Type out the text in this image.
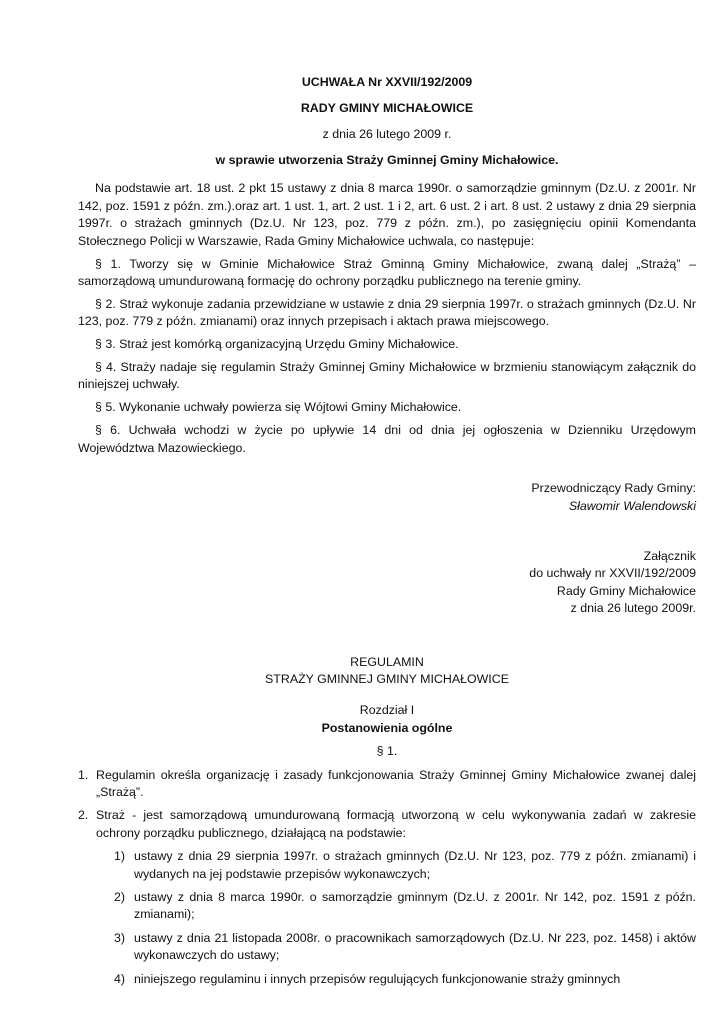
UCHWAŁA Nr XXVII/192/2009

RADY GMINY MICHAŁOWICE

z dnia 26 lutego 2009 r.

w sprawie utworzenia Straży Gminnej Gminy Michałowice.

Na podstawie art. 18 ust. 2 pkt 15 ustawy z dnia 8 marca 1990r. o samorządzie gminnym (Dz.U. z 2001r. Nr 142, poz. 1591 z późn. zm.).oraz art. 1 ust. 1, art. 2 ust. 1 i 2, art. 6 ust. 2 i art. 8 ust. 2 ustawy z dnia 29 sierpnia 1997r. o strażach gminnych (Dz.U. Nr 123, poz. 779 z późn. zm.), po zasięgnięciu opinii Komendanta Stołecznego Policji w Warszawie, Rada Gminy Michałowice uchwala, co następuje:

§ 1. Tworzy się w Gminie Michałowice Straż Gminną Gminy Michałowice, zwaną dalej „Strażą” – samorządową umundurowaną formację do ochrony porządku publicznego na terenie gminy.

§ 2. Straż wykonuje zadania przewidziane w ustawie z dnia 29 sierpnia 1997r. o strażach gminnych (Dz.U. Nr 123, poz. 779 z późn. zmianami) oraz innych przepisach i aktach prawa miejscowego.

§ 3. Straż jest komórką organizacyjną Urzędu Gminy Michałowice.

§ 4. Straży nadaje się regulamin Straży Gminnej Gminy Michałowice w brzmieniu stanowiącym załącznik do niniejszej uchwały.

§ 5. Wykonanie uchwały powierza się Wójtowi Gminy Michałowice.

§ 6. Uchwała wchodzi w życie po upływie 14 dni od dnia jej ogłoszenia w Dzienniku Urzędowym Województwa Mazowieckiego.

Przewodniczący Rady Gminy:

Sławomir Walendowski

Załącznik

do uchwały nr XXVII/192/2009

Rady Gminy Michałowice

z dnia 26 lutego 2009r.

REGULAMIN

STRAŻY GMINNEJ GMINY MICHAŁOWICE

Rozdział I

Postanowienia ogólne

§ 1.

1. Regulamin określa organizację i zasady funkcjonowania Straży Gminnej Gminy Michałowice zwanej dalej „Strażą”.
2. Straż - jest samorządową umundurowaną formacją utworzoną w celu wykonywania zadań w zakresie ochrony porządku publicznego, działającą na podstawie:
1) ustawy z dnia 29 sierpnia 1997r. o strażach gminnych (Dz.U. Nr 123, poz. 779 z późn. zmianami) i wydanych na jej podstawie przepisów wykonawczych;
2) ustawy z dnia 8 marca 1990r. o samorządzie gminnym (Dz.U. z 2001r. Nr 142, poz. 1591 z późn. zmianami);
3) ustawy z dnia 21 listopada 2008r. o pracownikach samorządowych (Dz.U. Nr 223, poz. 1458) i aktów wykonawczych do ustawy;
4) niniejszego regulaminu i innych przepisów regulujących funkcjonowanie straży gminnych
